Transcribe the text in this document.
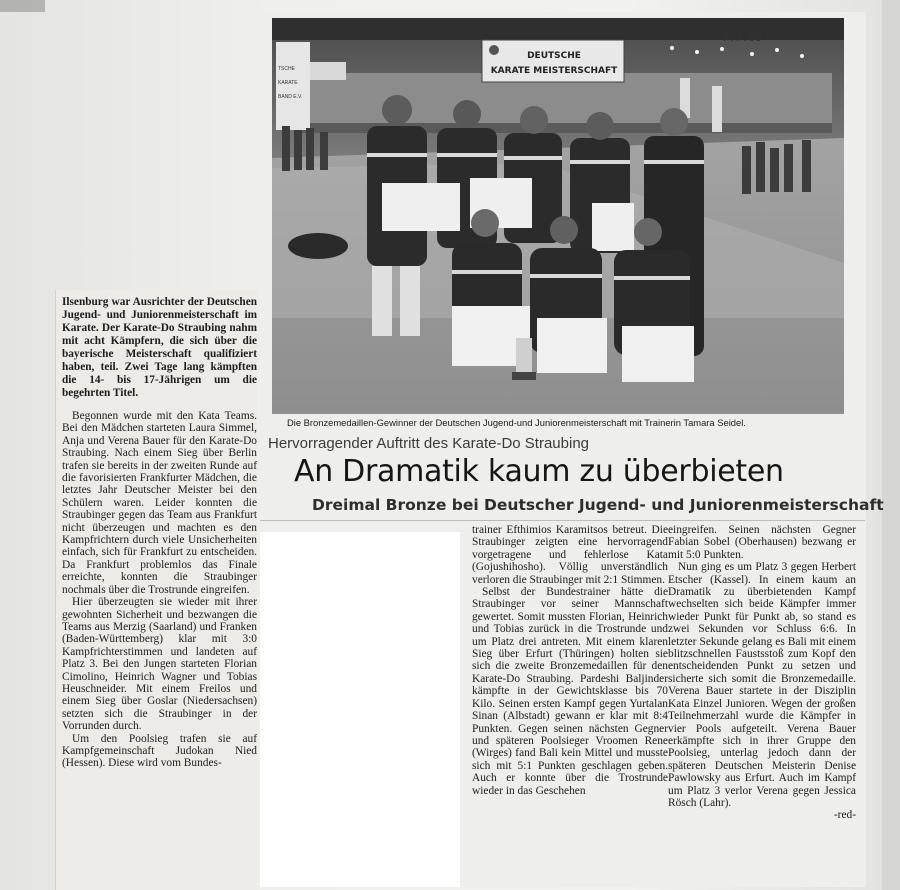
Ilsenburg war Ausrichter der Deutschen Jugend- und Juniorenmeisterschaft im Karate. Der Karate-Do Straubing nahm mit acht Kämpfern, die sich über die bayerische Meisterschaft qualifiziert haben, teil. Zwei Tage lang kämpften die 14- bis 17-Jährigen um die begehrten Titel.

Begonnen wurde mit den Kata Teams. Bei den Mädchen starteten Laura Simmel, Anja und Verena Bauer für den Karate-Do Straubing. Nach einem Sieg über Berlin trafen sie bereits in der zweiten Runde auf die favorisierten Frankfurter Mädchen, die letztes Jahr Deutscher Meister bei den Schülern waren. Leider konnten die Straubinger gegen das Team aus Frankfurt nicht überzeugen und machten es den Kampfrichtern durch viele Unsicherheiten einfach, sich für Frankfurt zu entscheiden. Da Frankfurt problemlos das Finale erreichte, konnten die Straubinger nochmals über die Trostrunde eingreifen.

Hier überzeugten sie wieder mit ihrer gewohnten Sicherheit und bezwangen die Teams aus Merzig (Saarland) und Franken (Baden-Württemberg) klar mit 3:0 Kampfrichterstimmen und landeten auf Platz 3. Bei den Jungen starteten Florian Cimolino, Heinrich Wagner und Tobias Heuschneider. Mit einem Freilos und einem Sieg über Goslar (Niedersachsen) setzten sich die Straubinger in der Vorrunden durch.

Um den Poolsieg trafen sie auf Kampfgemeinschaft Judokan Nied (Hessen). Diese wird vom Bundes-

TSCHE
KARATE
BAND E.V.
DEUTSCHE
KARATE MEISTERSCHAFT
7.7.08
Die Bronzemedaillen-Gewinner der Deutschen Jugend-und Juniorenmeisterschaft mit Trainerin Tamara Seidel.
Hervorragender Auftritt des Karate-Do Straubing
An Dramatik kaum zu überbieten
Dreimal Bronze bei Deutscher Jugend- und Juniorenmeisterschaft

trainer Efthimios Karamitsos betreut. Die Straubinger zeigten eine hervorragend vorgetragene und fehlerlose Kata (Gojushihosho). Völlig unverständlich verloren die Straubinger mit 2:1 Stimmen.

Selbst der Bundestrainer hätte die Straubinger vor seiner Mannschaft gewertet. Somit mussten Florian, Heinrich und Tobias zurück in die Trostrunde und um Platz drei antreten. Mit einem klaren Sieg über Erfurt (Thüringen) holten sie sich die zweite Bronzemedaillen für den Karate-Do Straubing. Pardeshi Baljinder kämpfte in der Gewichtsklasse bis 70 Kilo. Seinen ersten Kampf gegen Yurtalan Sinan (Albstadt) gewann er klar mit 8:4 Punkten. Gegen seinen nächsten Gegner und späteren Poolsieger Vroomen Rene (Wirges) fand Bali kein Mittel und musste sich mit 5:1 Punkten geschlagen geben. Auch er konnte über die Trostrunde wieder in das Geschehen

eingreifen. Seinen nächsten Gegner Fabian Sobel (Oberhausen) bezwang er mit 5:0 Punkten.

Nun ging es um Platz 3 gegen Herbert Etscher (Kassel). In einem kaum an Dramatik zu überbietenden Kampf wechselten sich beide Kämpfer immer wieder Punkt für Punkt ab, so stand es zwei Sekunden vor Schluss 6:6. In letzter Sekunde gelang es Bali mit einem blitzschnellen Faustsstoß zum Kopf den entscheidenden Punkt zu setzen und sicherte sich somit die Bronzemedaille. Verena Bauer startete in der Disziplin Kata Einzel Junioren. Wegen der großen Teilnehmerzahl wurde die Kämpfer in vier Pools aufgeteilt. Verena Bauer erkämpfte sich in ihrer Gruppe den Poolsieg, unterlag jedoch dann der späteren Deutschen Meisterin Denise Pawlowsky aus Erfurt. Auch im Kampf um Platz 3 verlor Verena gegen Jessica Rösch (Lahr).

-red-
